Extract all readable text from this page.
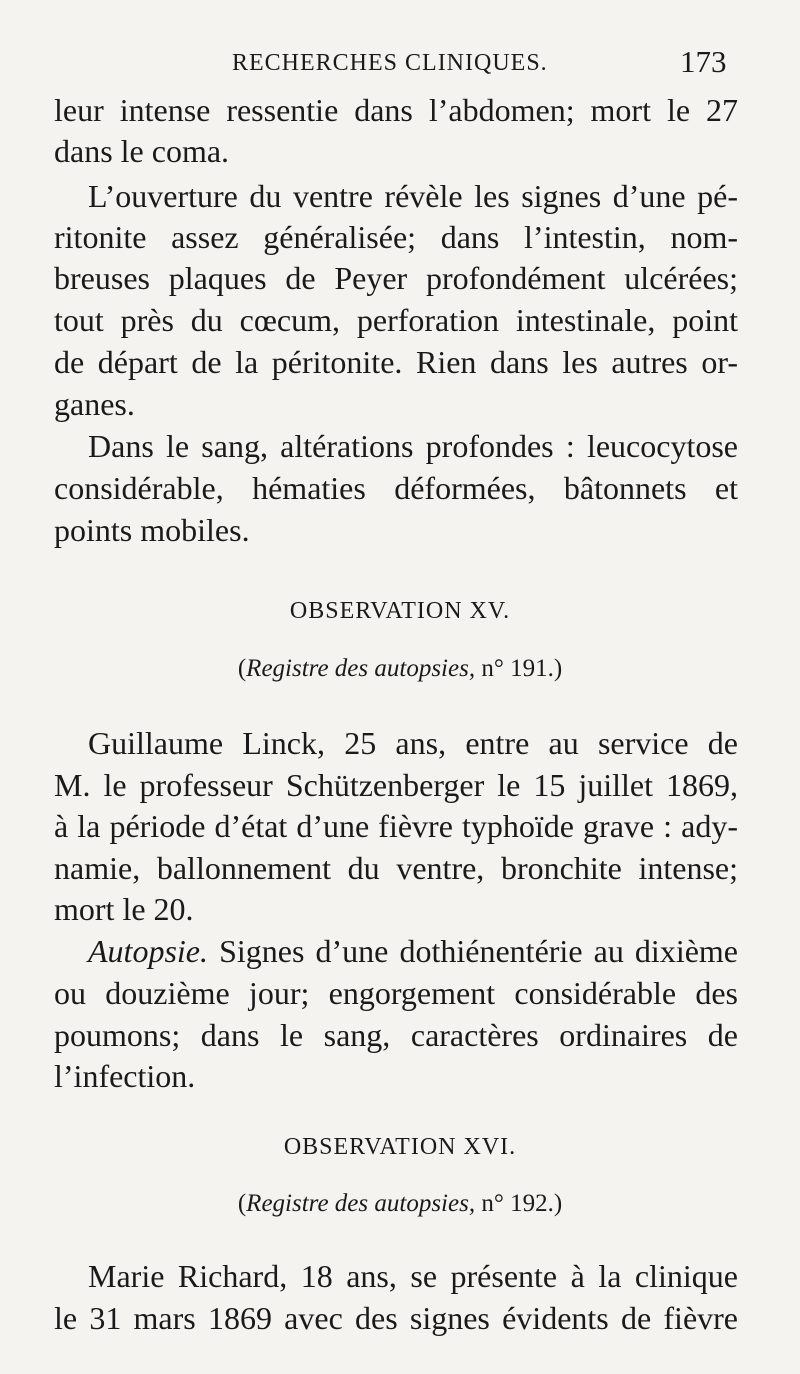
RECHERCHES CLINIQUES.	173
leur intense ressentie dans l’abdomen; mort le 27
dans le coma.
L’ouverture du ventre révèle les signes d’une pé-
ritonite assez généralisée; dans l’intestin, nom-
breuses plaques de Peyer profondément ulcérées;
tout près du cœcum, perforation intestinale, point
de départ de la péritonite. Rien dans les autres or-
ganes.
Dans le sang, altérations profondes : leucocytose
considérable, hématies déformées, bâtonnets et
points mobiles.
OBSERVATION XV.
(Registre des autopsies, n° 191.)
Guillaume Linck, 25 ans, entre au service de
M. le professeur Schützenberger le 15 juillet 1869,
à la période d’état d’une fièvre typhoïde grave : ady-
namie, ballonnement du ventre, bronchite intense;
mort le 20.
Autopsie. Signes d’une dothiénentérie au dixième
ou douzième jour; engorgement considérable des
poumons; dans le sang, caractères ordinaires de
l’infection.
OBSERVATION XVI.
(Registre des autopsies, n° 192.)
Marie Richard, 18 ans, se présente à la clinique
le 31 mars 1869 avec des signes évidents de fièvre
